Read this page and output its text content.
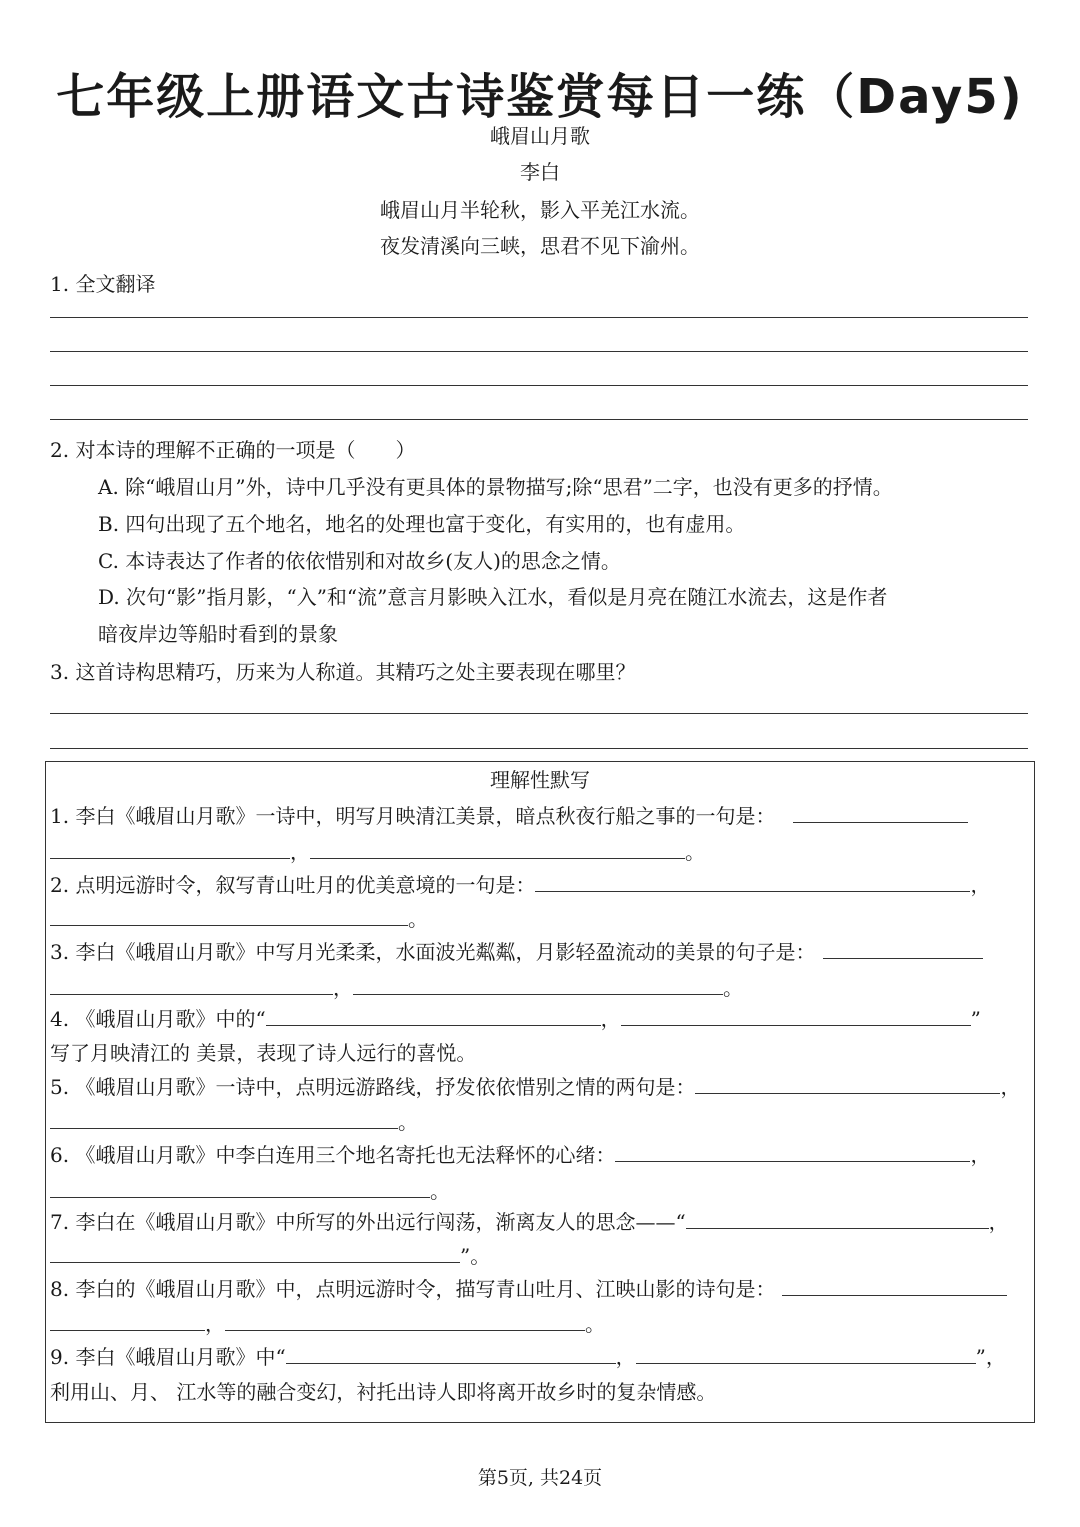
七年级上册语文古诗鉴赏每日一练（Day5)
峨眉山月歌
李白
峨眉山月半轮秋，影入平羌江水流。
夜发清溪向三峡，思君不见下渝州。
1. 全文翻译
2. 对本诗的理解不正确的一项是（　　）
A. 除“峨眉山月”外，诗中几乎没有更具体的景物描写;除“思君”二字，也没有更多的抒情。
B. 四句出现了五个地名，地名的处理也富于变化，有实用的，也有虚用。
C. 本诗表达了作者的依依惜别和对故乡(友人)的思念之情。
D. 次句“影”指月影，“入”和“流”意言月影映入江水，看似是月亮在随江水流去，这是作者
暗夜岸边等船时看到的景象
3. 这首诗构思精巧，历来为人称道。其精巧之处主要表现在哪里？
理解性默写
1. 李白《峨眉山月歌》一诗中，明写月映清江美景，暗点秋夜行船之事的一句是：
，	。
2. 点明远游时令，叙写青山吐月的优美意境的一句是：	，
。
3. 李白《峨眉山月歌》中写月光柔柔，水面波光粼粼，月影轻盈流动的美景的句子是：
，	。
4. 《峨眉山月歌》中的“	，	”
写了月映清江的 美景，表现了诗人远行的喜悦。
5. 《峨眉山月歌》一诗中，点明远游路线，抒发依依惜别之情的两句是：	，
。
6. 《峨眉山月歌》中李白连用三个地名寄托也无法释怀的心绪：	，
。
7. 李白在《峨眉山月歌》中所写的外出远行闯荡，渐离友人的思念——“	，
”。
8. 李白的《峨眉山月歌》中，点明远游时令，描写青山吐月、江映山影的诗句是：
，	。
9. 李白《峨眉山月歌》中“	，	”，
利用山、月、 江水等的融合变幻，衬托出诗人即将离开故乡时的复杂情感。
第5页, 共24页
